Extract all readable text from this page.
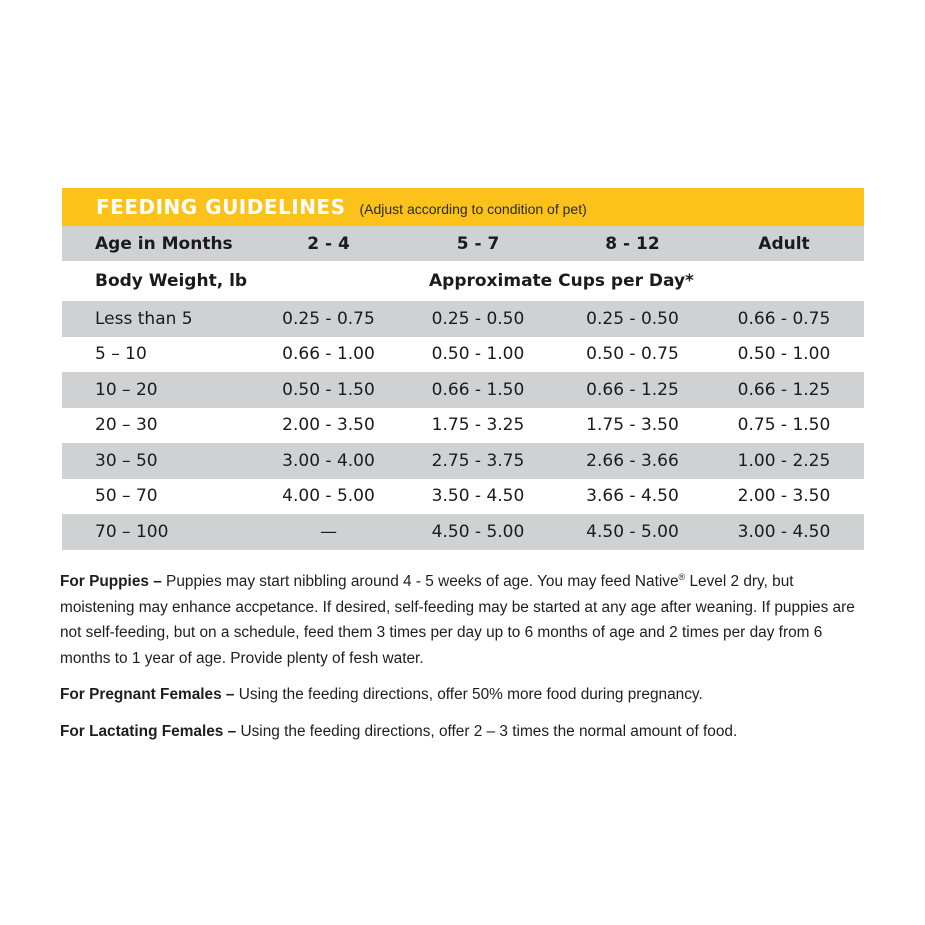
FEEDING GUIDELINES (Adjust according to condition of pet)
Age in Months	2 - 4	5 - 7	8 - 12	Adult
Body Weight, lb	Approximate Cups per Day*
Less than 5	0.25 - 0.75	0.25 - 0.50	0.25 - 0.50	0.66 - 0.75
5 – 10	0.66 - 1.00	0.50 - 1.00	0.50 - 0.75	0.50 - 1.00
10 – 20	0.50 - 1.50	0.66 - 1.50	0.66 - 1.25	0.66 - 1.25
20 – 30	2.00 - 3.50	1.75 - 3.25	1.75 - 3.50	0.75 - 1.50
30 – 50	3.00 - 4.00	2.75 - 3.75	2.66 - 3.66	1.00 - 2.25
50 – 70	4.00 - 5.00	3.50 - 4.50	3.66 - 4.50	2.00 - 3.50
70 – 100	—	4.50 - 5.00	4.50 - 5.00	3.00 - 4.50

For Puppies – Puppies may start nibbling around 4 - 5 weeks of age. You may feed Native® Level 2 dry, but moistening may enhance accpetance. If desired, self-feeding may be started at any age after weaning. If puppies are not self-feeding, but on a schedule, feed them 3 times per day up to 6 months of age and 2 times per day from 6 months to 1 year of age. Provide plenty of fesh water.

For Pregnant Females – Using the feeding directions, offer 50% more food during pregnancy.

For Lactating Females – Using the feeding directions, offer 2 – 3 times the normal amount of food.
